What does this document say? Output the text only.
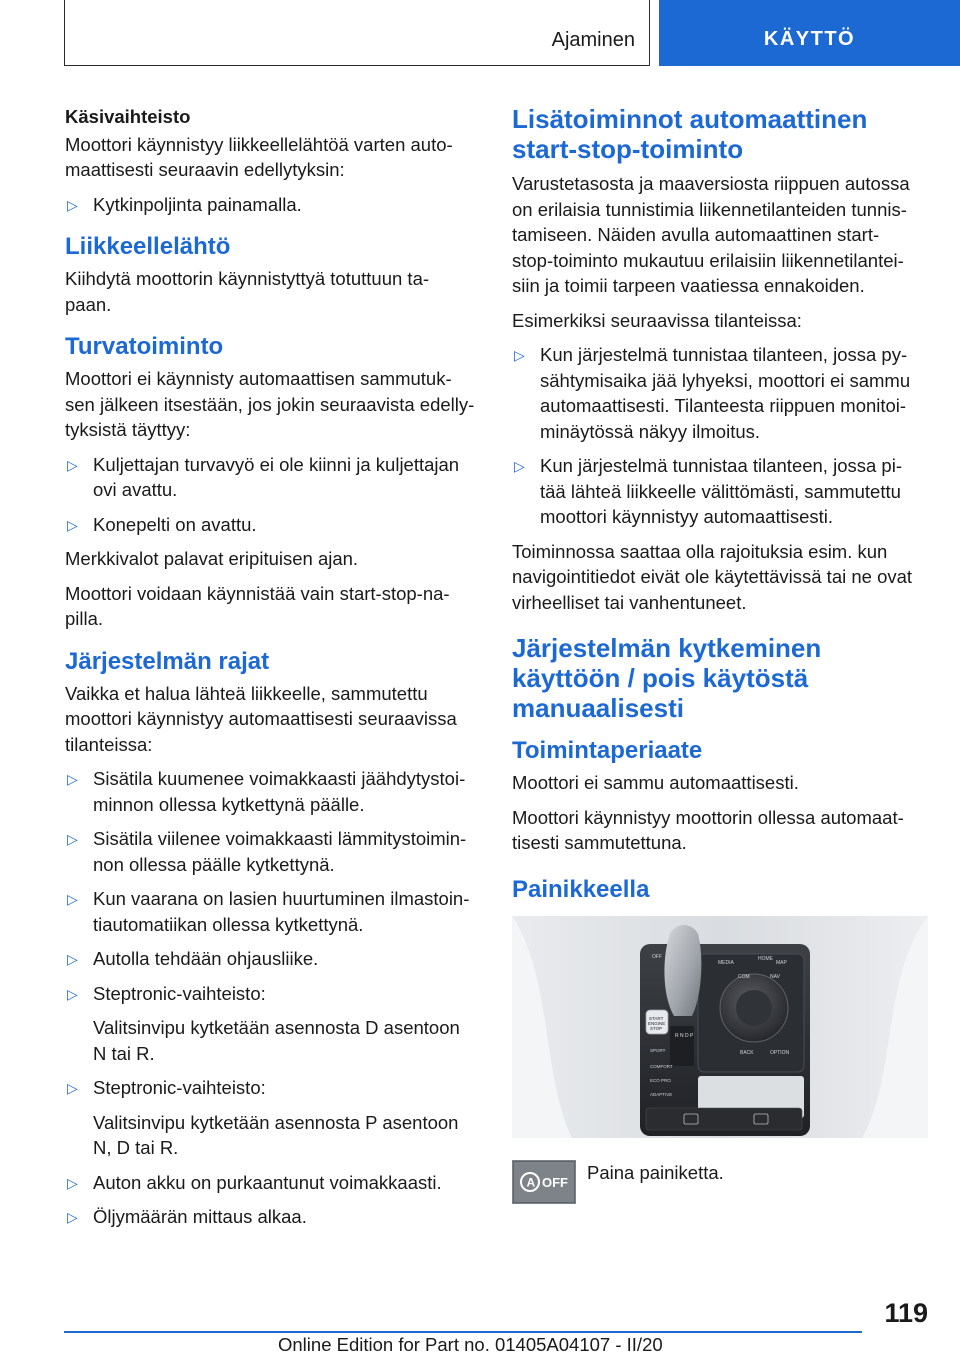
Ajaminen	KÄYTTÖ
Käsivaihteisto
Moottori käynnistyy liikkeellelähtöä varten auto-
maattisesti seuraavin edellytyksin:
▷ Kytkinpoljinta painamalla.
Liikkeellelähtö
Kiihdytä moottorin käynnistyttyä totuttuun ta-
paan.
Turvatoiminto
Moottori ei käynnisty automaattisen sammutuk-
sen jälkeen itsestään, jos jokin seuraavista edelly-
tyksistä täyttyy:
▷ Kuljettajan turvavyö ei ole kiinni ja kuljettajan
ovi avattu.
▷ Konepelti on avattu.
Merkkivalot palavat eripituisen ajan.
Moottori voidaan käynnistää vain start-stop-na-
pilla.
Järjestelmän rajat
Vaikka et halua lähteä liikkeelle, sammutettu
moottori käynnistyy automaattisesti seuraavissa
tilanteissa:
▷ Sisätila kuumenee voimakkaasti jäähdytystoi-
minnon ollessa kytkettynä päälle.
▷ Sisätila viilenee voimakkaasti lämmitystoimin-
non ollessa päälle kytkettynä.
▷ Kun vaarana on lasien huurtuminen ilmastoin-
tiautomatiikan ollessa kytkettynä.
▷ Autolla tehdään ohjausliike.
▷ Steptronic-vaihteisto:
Valitsinvipu kytketään asennosta D asentoon
N tai R.
▷ Steptronic-vaihteisto:
Valitsinvipu kytketään asennosta P asentoon
N, D tai R.
▷ Auton akku on purkaantunut voimakkaasti.
▷ Öljymäärän mittaus alkaa.
Lisätoiminnot automaattinen
start-stop-toiminto
Varustetasosta ja maaversiosta riippuen autossa
on erilaisia tunnistimia liikennetilanteiden tunnis-
tamiseen. Näiden avulla automaattinen start-
stop-toiminto mukautuu erilaisiin liikennetilantei-
siin ja toimii tarpeen vaatiessa ennakoiden.
Esimerkiksi seuraavissa tilanteissa:
▷ Kun järjestelmä tunnistaa tilanteen, jossa py-
sähtymisaika jää lyhyeksi, moottori ei sammu
automaattisesti. Tilanteesta riippuen monitoi-
minäytössä näkyy ilmoitus.
▷ Kun järjestelmä tunnistaa tilanteen, jossa pi-
tää lähteä liikkeelle välittömästi, sammutettu
moottori käynnistyy automaattisesti.
Toiminnossa saattaa olla rajoituksia esim. kun
navigointitiedot eivät ole käytettävissä tai ne ovat
virheelliset tai vanhentuneet.
Järjestelmän kytkeminen
käyttöön / pois käytöstä
manuaalisesti
Toimintaperiaate
Moottori ei sammu automaattisesti.
Moottori käynnistyy moottorin ollessa automaat-
tisesti sammutettuna.
Painikkeella
MEDIA
HOME
COM	NAV
MAP
BACK	OPTION
R N D P
START
ENGINE
STOP
SPORT
COMFORT
ECO PRO
ADAPTIVE
OFF
A OFF Paina painiketta.
119
Online Edition for Part no. 01405A04107 - II/20
